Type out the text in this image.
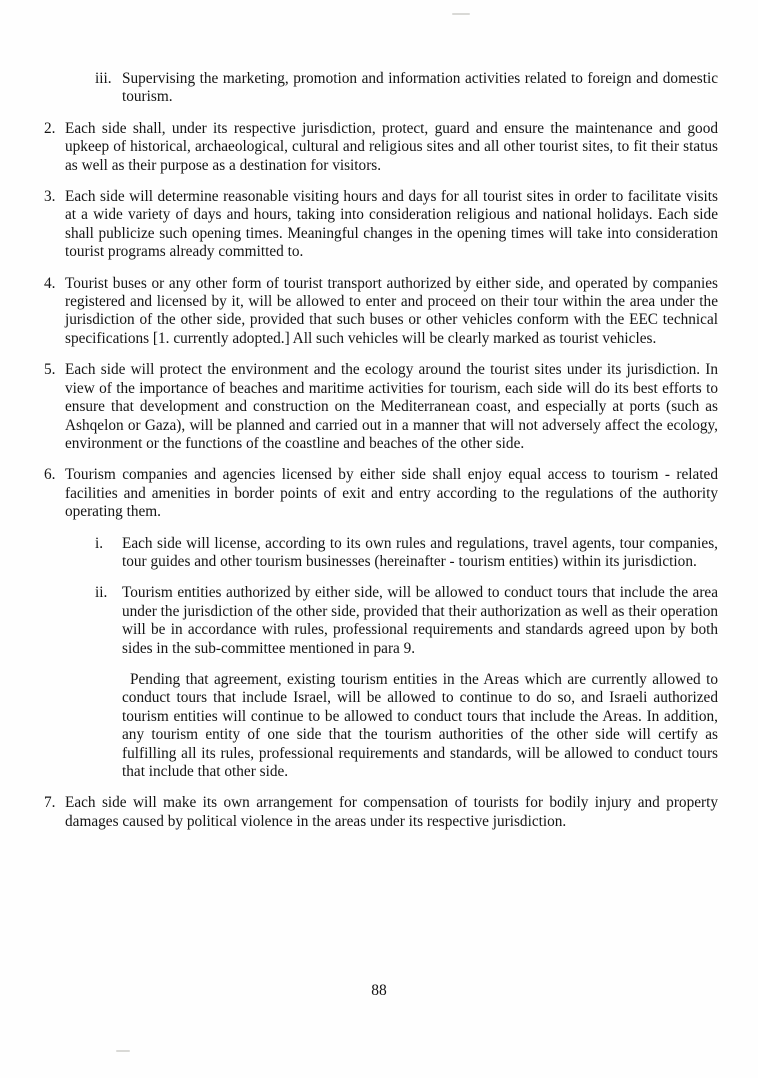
iii. Supervising the marketing, promotion and information activities related to foreign and domestic tourism.
2. Each side shall, under its respective jurisdiction, protect, guard and ensure the maintenance and good upkeep of historical, archaeological, cultural and religious sites and all other tourist sites, to fit their status as well as their purpose as a destination for visitors.
3. Each side will determine reasonable visiting hours and days for all tourist sites in order to facilitate visits at a wide variety of days and hours, taking into consideration religious and national holidays. Each side shall publicize such opening times. Meaningful changes in the opening times will take into consideration tourist programs already committed to.
4. Tourist buses or any other form of tourist transport authorized by either side, and operated by companies registered and licensed by it, will be allowed to enter and proceed on their tour within the area under the jurisdiction of the other side, provided that such buses or other vehicles conform with the EEC technical specifications [1. currently adopted.] All such vehicles will be clearly marked as tourist vehicles.
5. Each side will protect the environment and the ecology around the tourist sites under its jurisdiction. In view of the importance of beaches and maritime activities for tourism, each side will do its best efforts to ensure that development and construction on the Mediterranean coast, and especially at ports (such as Ashqelon or Gaza), will be planned and carried out in a manner that will not adversely affect the ecology, environment or the functions of the coastline and beaches of the other side.
6. Tourism companies and agencies licensed by either side shall enjoy equal access to tourism - related facilities and amenities in border points of exit and entry according to the regulations of the authority operating them.
i.	Each side will license, according to its own rules and regulations, travel agents, tour companies, tour guides and other tourism businesses (hereinafter - tourism entities) within its jurisdiction.
ii. Tourism entities authorized by either side, will be allowed to conduct tours that include the area under the jurisdiction of the other side, provided that their authorization as well as their operation will be in accordance with rules, professional requirements and standards agreed upon by both sides in the sub-committee mentioned in para 9.
Pending that agreement, existing tourism entities in the Areas which are currently allowed to conduct tours that include Israel, will be allowed to continue to do so, and Israeli authorized tourism entities will continue to be allowed to conduct tours that include the Areas. In addition, any tourism entity of one side that the tourism authorities of the other side will certify as fulfilling all its rules, professional requirements and standards, will be allowed to conduct tours that include that other side.
7. Each side will make its own arrangement for compensation of tourists for bodily injury and property damages caused by political violence in the areas under its respective jurisdiction.
88
